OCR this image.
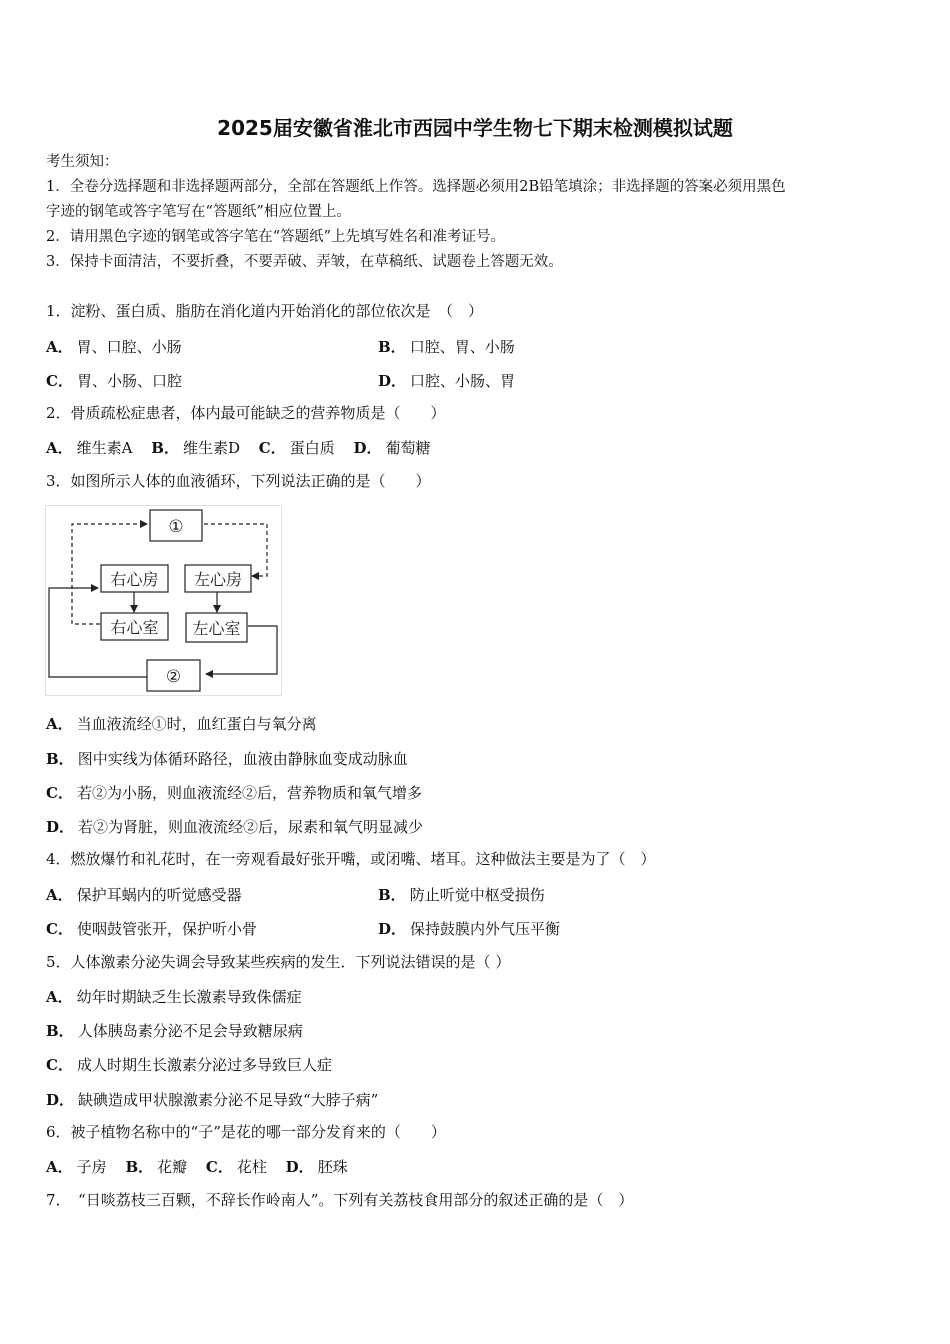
2025届安徽省淮北市西园中学生物七下期末检测模拟试题
考生须知：
1．全卷分选择题和非选择题两部分，全部在答题纸上作答。选择题必须用2B铅笔填涂；非选择题的答案必须用黑色
字迹的钢笔或答字笔写在“答题纸”相应位置上。
2．请用黑色字迹的钢笔或答字笔在“答题纸”上先填写姓名和准考证号。
3．保持卡面清洁，不要折叠，不要弄破、弄皱，在草稿纸、试题卷上答题无效。
1．淀粉、蛋白质、脂肪在消化道内开始消化的部位依次是　（　）
A． 胃、口腔、小肠	B． 口腔、胃、小肠
C． 胃、小肠、口腔	D． 口腔、小肠、胃
2．骨质疏松症患者，体内最可能缺乏的营养物质是（　　）
A． 维生素A B． 维生素D C． 蛋白质 D． 葡萄糖
3．如图所示人体的血液循环，下列说法正确的是（　　）
①
右心房 左心房
右心室 左心室
②
A． 当血液流经①时，血红蛋白与氧分离
B． 图中实线为体循环路径，血液由静脉血变成动脉血
C． 若②为小肠，则血液流经②后，营养物质和氧气增多
D． 若②为肾脏，则血液流经②后，尿素和氧气明显减少
4．燃放爆竹和礼花时，在一旁观看最好张开嘴，或闭嘴、堵耳。这种做法主要是为了（　）
A． 保护耳蜗内的听觉感受器	B． 防止听觉中枢受损伤
C． 使咽鼓管张开，保护听小骨	D． 保持鼓膜内外气压平衡
5．人体激素分泌失调会导致某些疾病的发生．下列说法错误的是（ ）
A． 幼年时期缺乏生长激素导致侏儒症
B． 人体胰岛素分泌不足会导致糖尿病
C． 成人时期生长激素分泌过多导致巨人症
D． 缺碘造成甲状腺激素分泌不足导致“大脖子病”
6．被子植物名称中的“子”是花的哪一部分发育来的（　　）
A． 子房 B． 花瓣 C． 花柱 D． 胚珠
7．　“日啖荔枝三百颗，不辞长作岭南人”。下列有关荔枝食用部分的叙述正确的是（　）
